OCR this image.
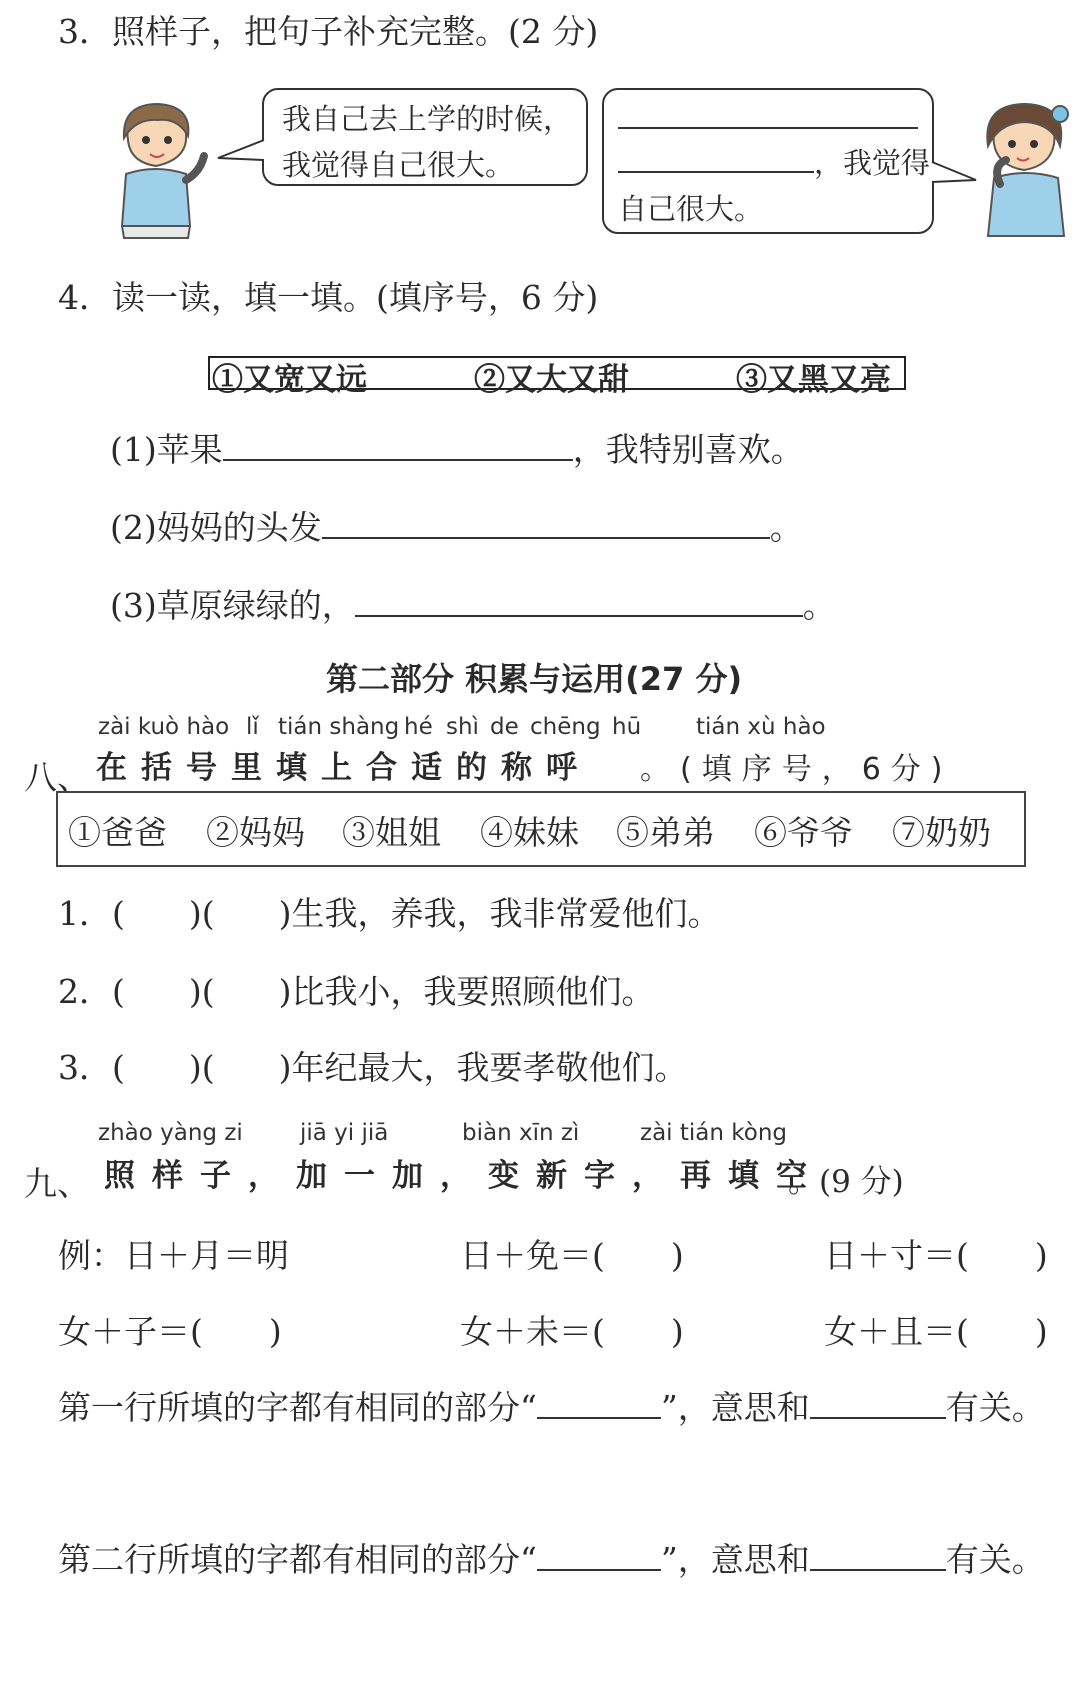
3．照样子，把句子补充完整。(2 分)
我自己去上学的时候，
我觉得自己很大。	，我觉得
自己很大。
4．读一读，填一填。(填序号，6 分)
①又宽又远	②又大又甜	③又黑又亮
(1)苹果	，我特别喜欢。
(2)妈妈的头发	。
(3)草原绿绿的，	。
第二部分 积累与运用(27 分)
zài kuò hào lǐ tián shàng hé shì de chēng hū tián xù hào
八、 在括号里填上合适的称呼 。(填序号，6分)
①爸爸 ②妈妈 ③姐姐 ④妹妹 ⑤弟弟 ⑥爷爷 ⑦奶奶
1．( )( )生我，养我，我非常爱他们。
2．( )( )比我小，我要照顾他们。
3．( )( )年纪最大，我要孝敬他们。
zhào yàng zi jiā yi jiā	biàn xīn zì	zài tián kòng
九、 照样子，加一加，变新字，再填空
。(9 分)
例：日＋月＝明	日＋免＝(　　)	日＋寸＝(　　)
女＋子＝(　　)	女＋未＝(　　)	女＋且＝(　　)
第一行所填的字都有相同的部分“	”，意思和	有关。
第二行所填的字都有相同的部分“	”，意思和	有关。
